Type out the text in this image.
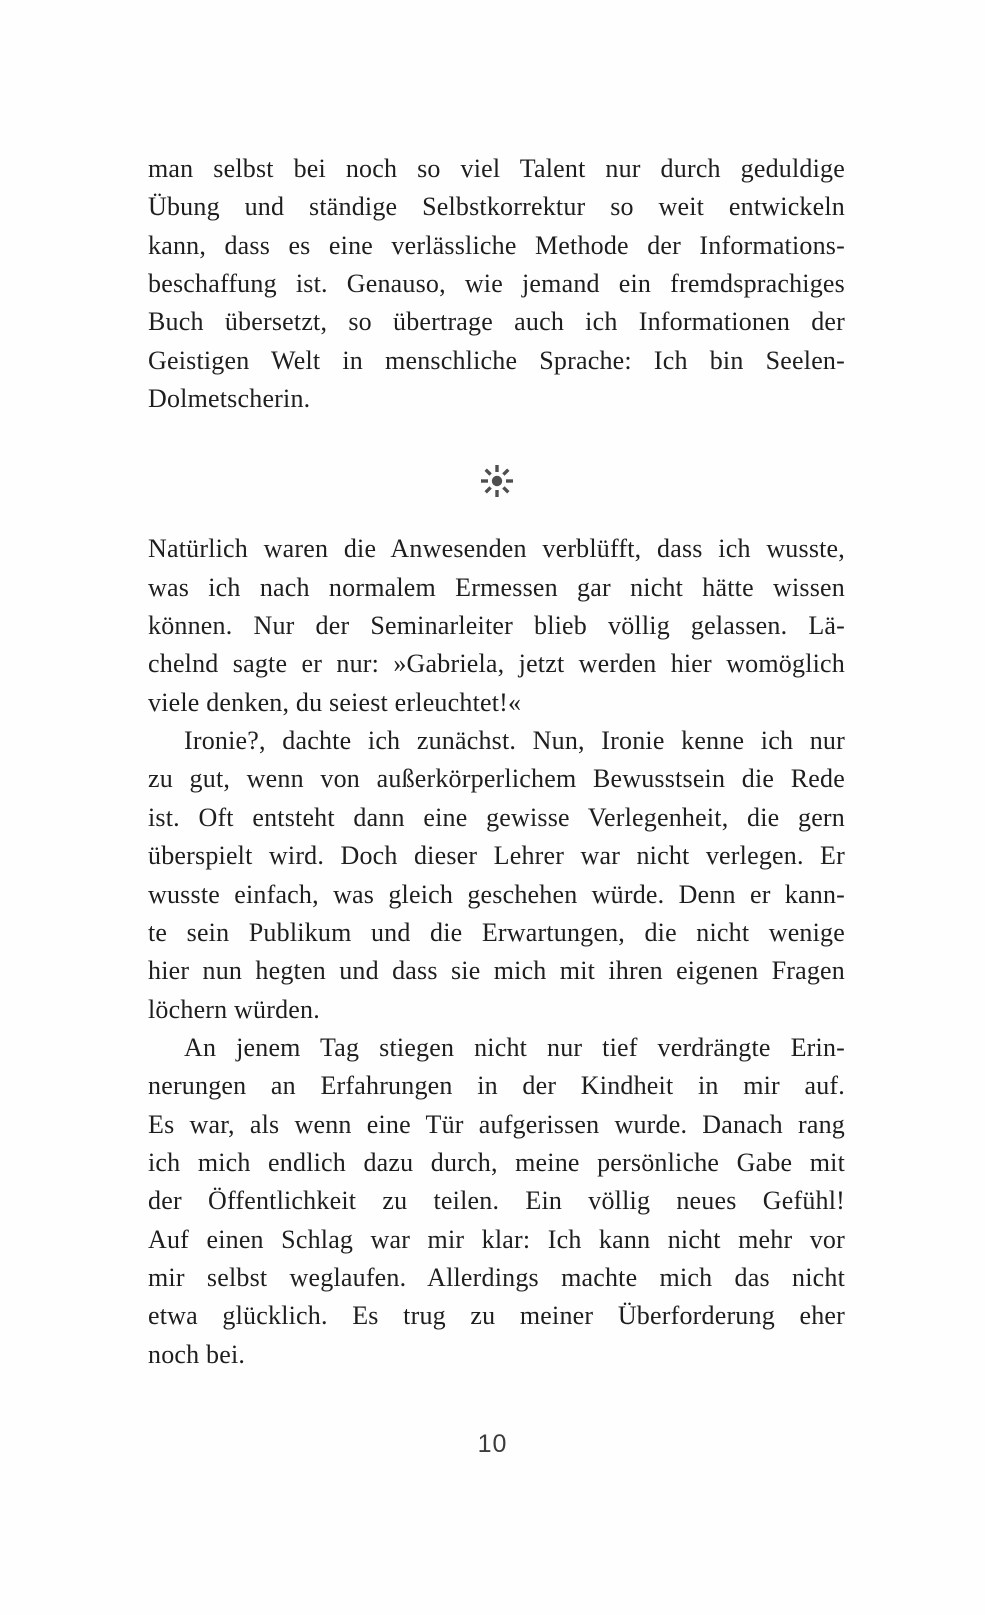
man selbst bei noch so viel Talent nur durch geduldige
Übung und ständige Selbstkorrektur so weit entwickeln
kann, dass es eine verlässliche Methode der Informations-
beschaffung ist. Genauso, wie jemand ein fremdsprachiges
Buch übersetzt, so übertrage auch ich Informationen der
Geistigen Welt in menschliche Sprache: Ich bin Seelen-
Dolmetscherin.
Natürlich waren die Anwesenden verblüfft, dass ich wusste,
was ich nach normalem Ermessen gar nicht hätte wissen
können. Nur der Seminarleiter blieb völlig gelassen. Lä-
chelnd sagte er nur: »Gabriela, jetzt werden hier womöglich
viele denken, du seiest erleuchtet!«
Ironie?, dachte ich zunächst. Nun, Ironie kenne ich nur
zu gut, wenn von außerkörperlichem Bewusstsein die Rede
ist. Oft entsteht dann eine gewisse Verlegenheit, die gern
überspielt wird. Doch dieser Lehrer war nicht verlegen. Er
wusste einfach, was gleich geschehen würde. Denn er kann-
te sein Publikum und die Erwartungen, die nicht wenige
hier nun hegten und dass sie mich mit ihren eigenen Fragen
löchern würden.
An jenem Tag stiegen nicht nur tief verdrängte Erin-
nerungen an Erfahrungen in der Kindheit in mir auf.
Es war, als wenn eine Tür aufgerissen wurde. Danach rang
ich mich endlich dazu durch, meine persönliche Gabe mit
der Öffentlichkeit zu teilen. Ein völlig neues Gefühl!
Auf einen Schlag war mir klar: Ich kann nicht mehr vor
mir selbst weglaufen. Allerdings machte mich das nicht
etwa glücklich. Es trug zu meiner Überforderung eher
noch bei.
10
